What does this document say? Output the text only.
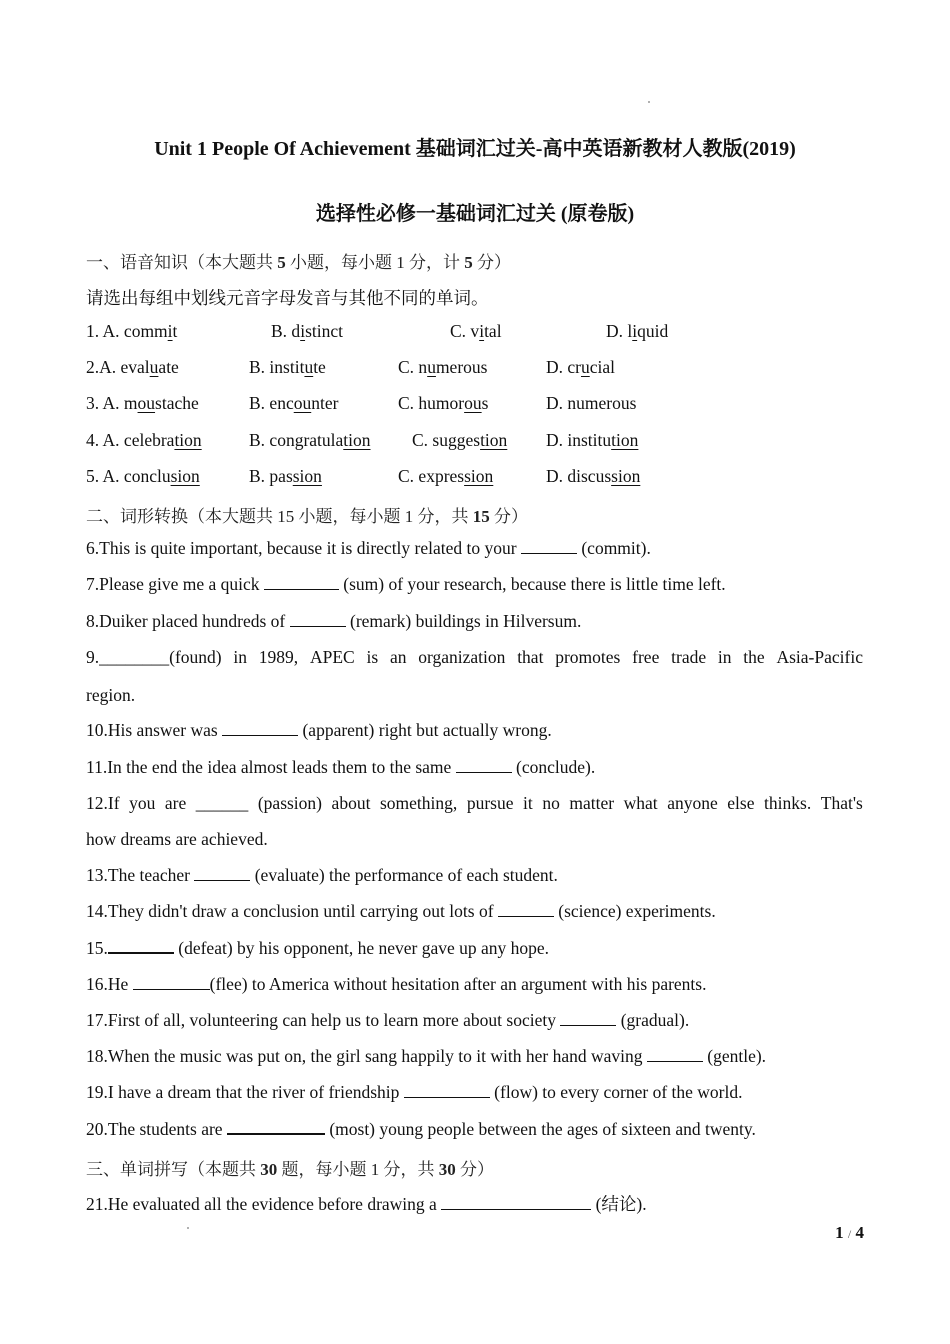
Unit 1 People Of Achievement 基础词汇过关-高中英语新教材人教版(2019)
选择性必修一基础词汇过关 (原卷版)
一、语音知识（本大题共 5 小题，每小题 1 分，计 5 分）
请选出每组中划线元音字母发音与其他不同的单词。
1. A. commit	B. distinct	C. vital	D. liquid
2.A. evaluate	B. institute	C. numerous	D. crucial
3. A. moustache	B. encounter	C. humorous	D. numerous
4. A. celebration	B. congratulation C. suggestion D. institution
5. A. conclusion	B. passion	C. expression	D. discussion
二、词形转换（本大题共 15 小题，每小题 1 分，共 15 分）
6.This is quite important, because it is directly related to your	(commit).
7.Please give me a quick	(sum) of your research, because there is little time left.
8.Duiker placed hundreds of	(remark) buildings in Hilversum.
9.________(found) in 1989, APEC is an organization that promotes free trade in the Asia-Pacific
region.
10.His answer was	(apparent) right but actually wrong.
11.In the end the idea almost leads them to the same	(conclude).
12.If you are ______ (passion) about something, pursue it no matter what anyone else thinks. That's
how dreams are achieved.
13.The teacher	(evaluate) the performance of each student.
14.They didn't draw a conclusion until carrying out lots of	(science) experiments.
15.	(defeat) by his opponent, he never gave up any hope.
16.He	(flee) to America without hesitation after an argument with his parents.
17.First of all, volunteering can help us to learn more about society	(gradual).
18.When the music was put on, the girl sang happily to it with her hand waving	(gentle).
19.I have a dream that the river of friendship	(flow) to every corner of the world.
20.The students are	(most) young people between the ages of sixteen and twenty.
三、单词拼写（本题共 30 题，每小题 1 分，共 30 分）
21.He evaluated all the evidence before drawing a	(结论).
1 / 4
